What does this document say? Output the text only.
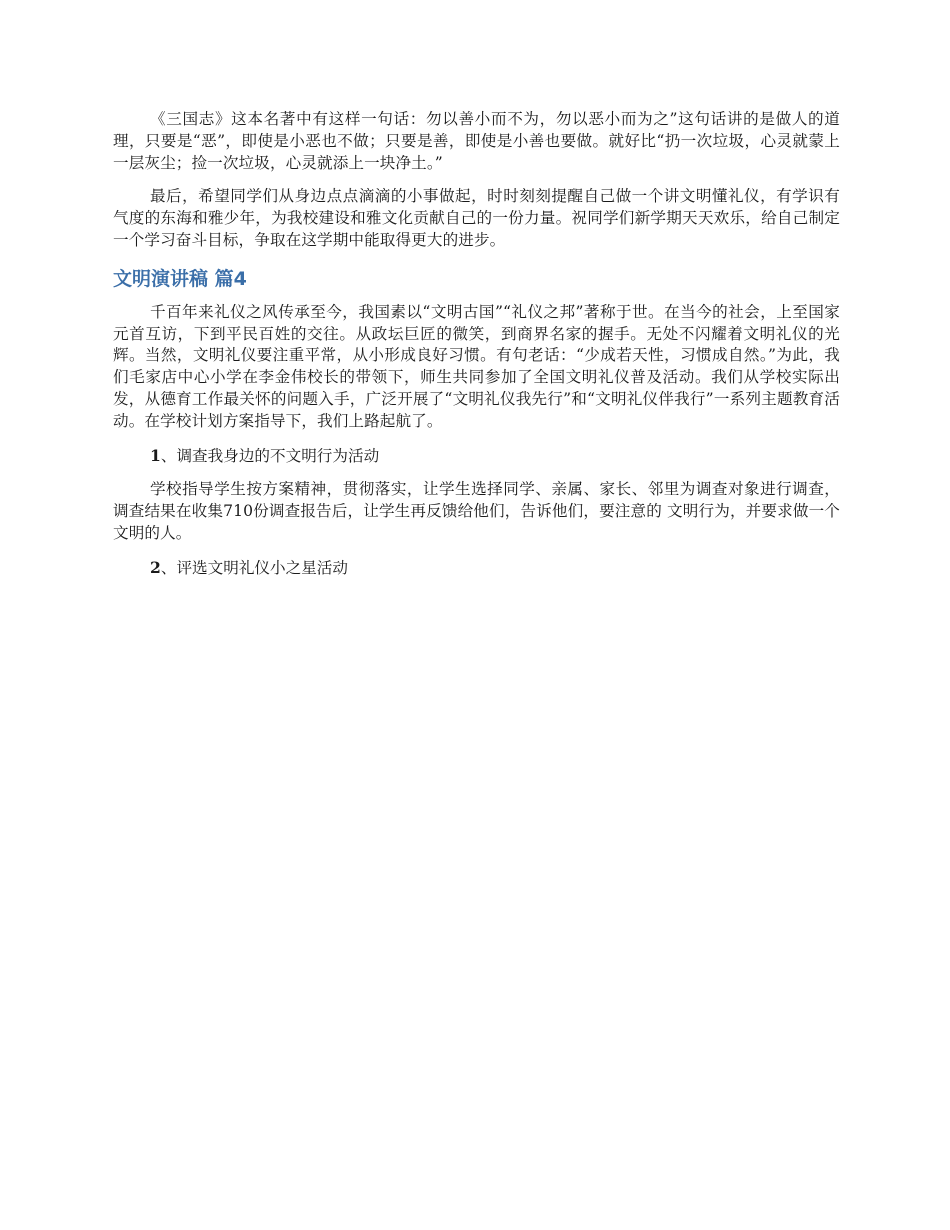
《三国志》这本名著中有这样一句话：勿以善小而不为，勿以恶小而为之”这句话讲的是做人的道理，只要是“恶”，即使是小恶也不做；只要是善，即使是小善也要做。就好比“扔一次垃圾，心灵就蒙上一层灰尘；捡一次垃圾，心灵就添上一块净土。”

最后，希望同学们从身边点点滴滴的小事做起，时时刻刻提醒自己做一个讲文明懂礼仪，有学识有气度的东海和雅少年，为我校建设和雅文化贡献自己的一份力量。祝同学们新学期天天欢乐，给自己制定一个学习奋斗目标，争取在这学期中能取得更大的进步。

文明演讲稿 篇4

千百年来礼仪之风传承至今，我国素以“文明古国”“礼仪之邦”著称于世。在当今的社会，上至国家元首互访，下到平民百姓的交往。从政坛巨匠的微笑，到商界名家的握手。无处不闪耀着文明礼仪的光辉。当然，文明礼仪要注重平常，从小形成良好习惯。有句老话：“少成若天性，习惯成自然。”为此，我们毛家店中心小学在李金伟校长的带领下，师生共同参加了全国文明礼仪普及活动。我们从学校实际出发，从德育工作最关怀的问题入手，广泛开展了“文明礼仪我先行”和“文明礼仪伴我行”一系列主题教育活动。在学校计划方案指导下，我们上路起航了。

1、调查我身边的不文明行为活动

学校指导学生按方案精神，贯彻落实，让学生选择同学、亲属、家长、邻里为调查对象进行调查，调查结果在收集710份调查报告后，让学生再反馈给他们，告诉他们，要注意的 文明行为，并要求做一个文明的人。

2、评选文明礼仪小之星活动
